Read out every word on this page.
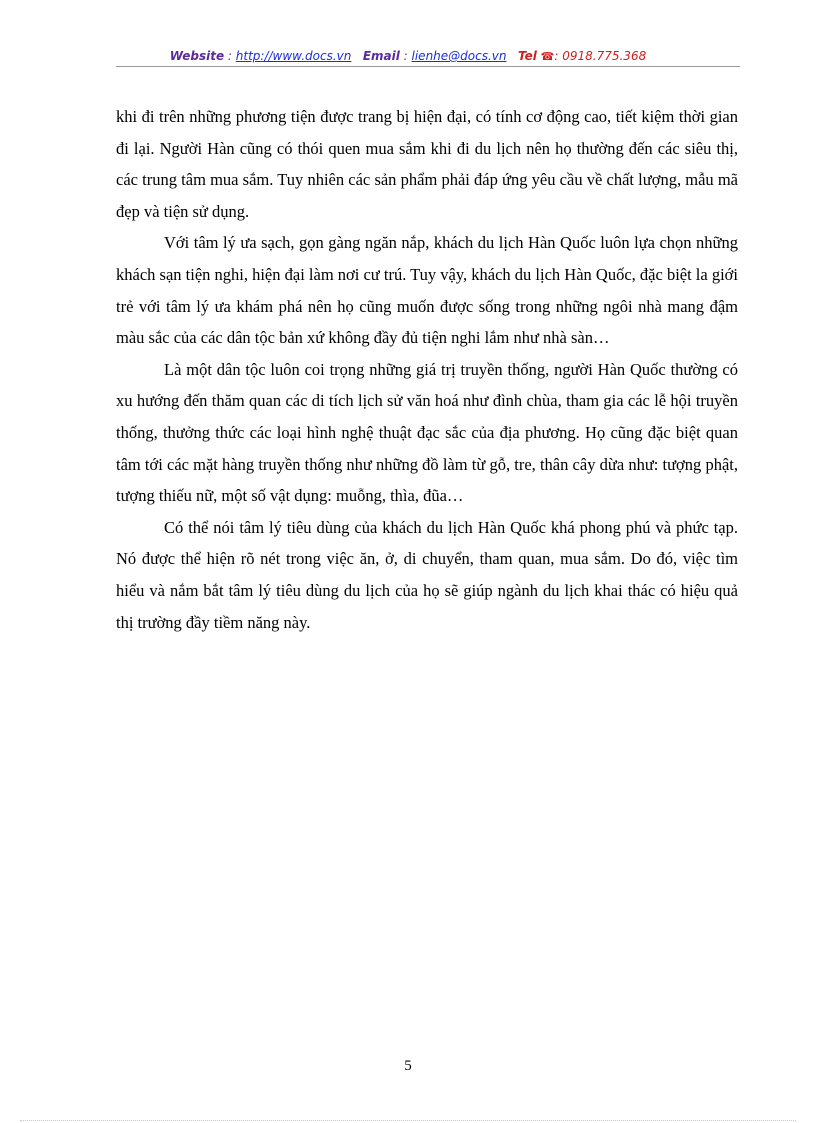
Website : http://www.docs.vn Email : lienhe@docs.vn Tel ☎: 0918.775.368

khi đi trên những phương tiện được trang bị hiện đại, có tính cơ động cao, tiết kiệm thời gian đi lại. Người Hàn cũng có thói quen mua sắm khi đi du lịch nên họ thường đến các siêu thị, các trung tâm mua sắm. Tuy nhiên các sản phẩm phải đáp ứng yêu cầu về chất lượng, mẫu mã đẹp và tiện sử dụng.

Với tâm lý ưa sạch, gọn gàng ngăn nắp, khách du lịch Hàn Quốc luôn lựa chọn những khách sạn tiện nghi, hiện đại làm nơi cư trú. Tuy vậy, khách du lịch Hàn Quốc, đặc biệt la giới trẻ với tâm lý ưa khám phá nên họ cũng muốn được sống trong những ngôi nhà mang đậm màu sắc của các dân tộc bản xứ không đầy đủ tiện nghi lắm như nhà sàn…

Là một dân tộc luôn coi trọng những giá trị truyền thống, người Hàn Quốc thường có xu hướng đến thăm quan các di tích lịch sử văn hoá như đình chùa, tham gia các lễ hội truyền thống, thưởng thức các loại hình nghệ thuật đạc sắc của địa phương. Họ cũng đặc biệt quan tâm tới các mặt hàng truyền thống như những đồ làm từ gỗ, tre, thân cây dừa như: tượng phật, tượng thiếu nữ, một số vật dụng: muỗng, thìa, đũa…

Có thể nói tâm lý tiêu dùng của khách du lịch Hàn Quốc khá phong phú và phức tạp. Nó được thể hiện rõ nét trong việc ăn, ở, di chuyển, tham quan, mua sắm. Do đó, việc tìm hiểu và nắm bắt tâm lý tiêu dùng du lịch của họ sẽ giúp ngành du lịch khai thác có hiệu quả thị trường đầy tiềm năng này.

5
